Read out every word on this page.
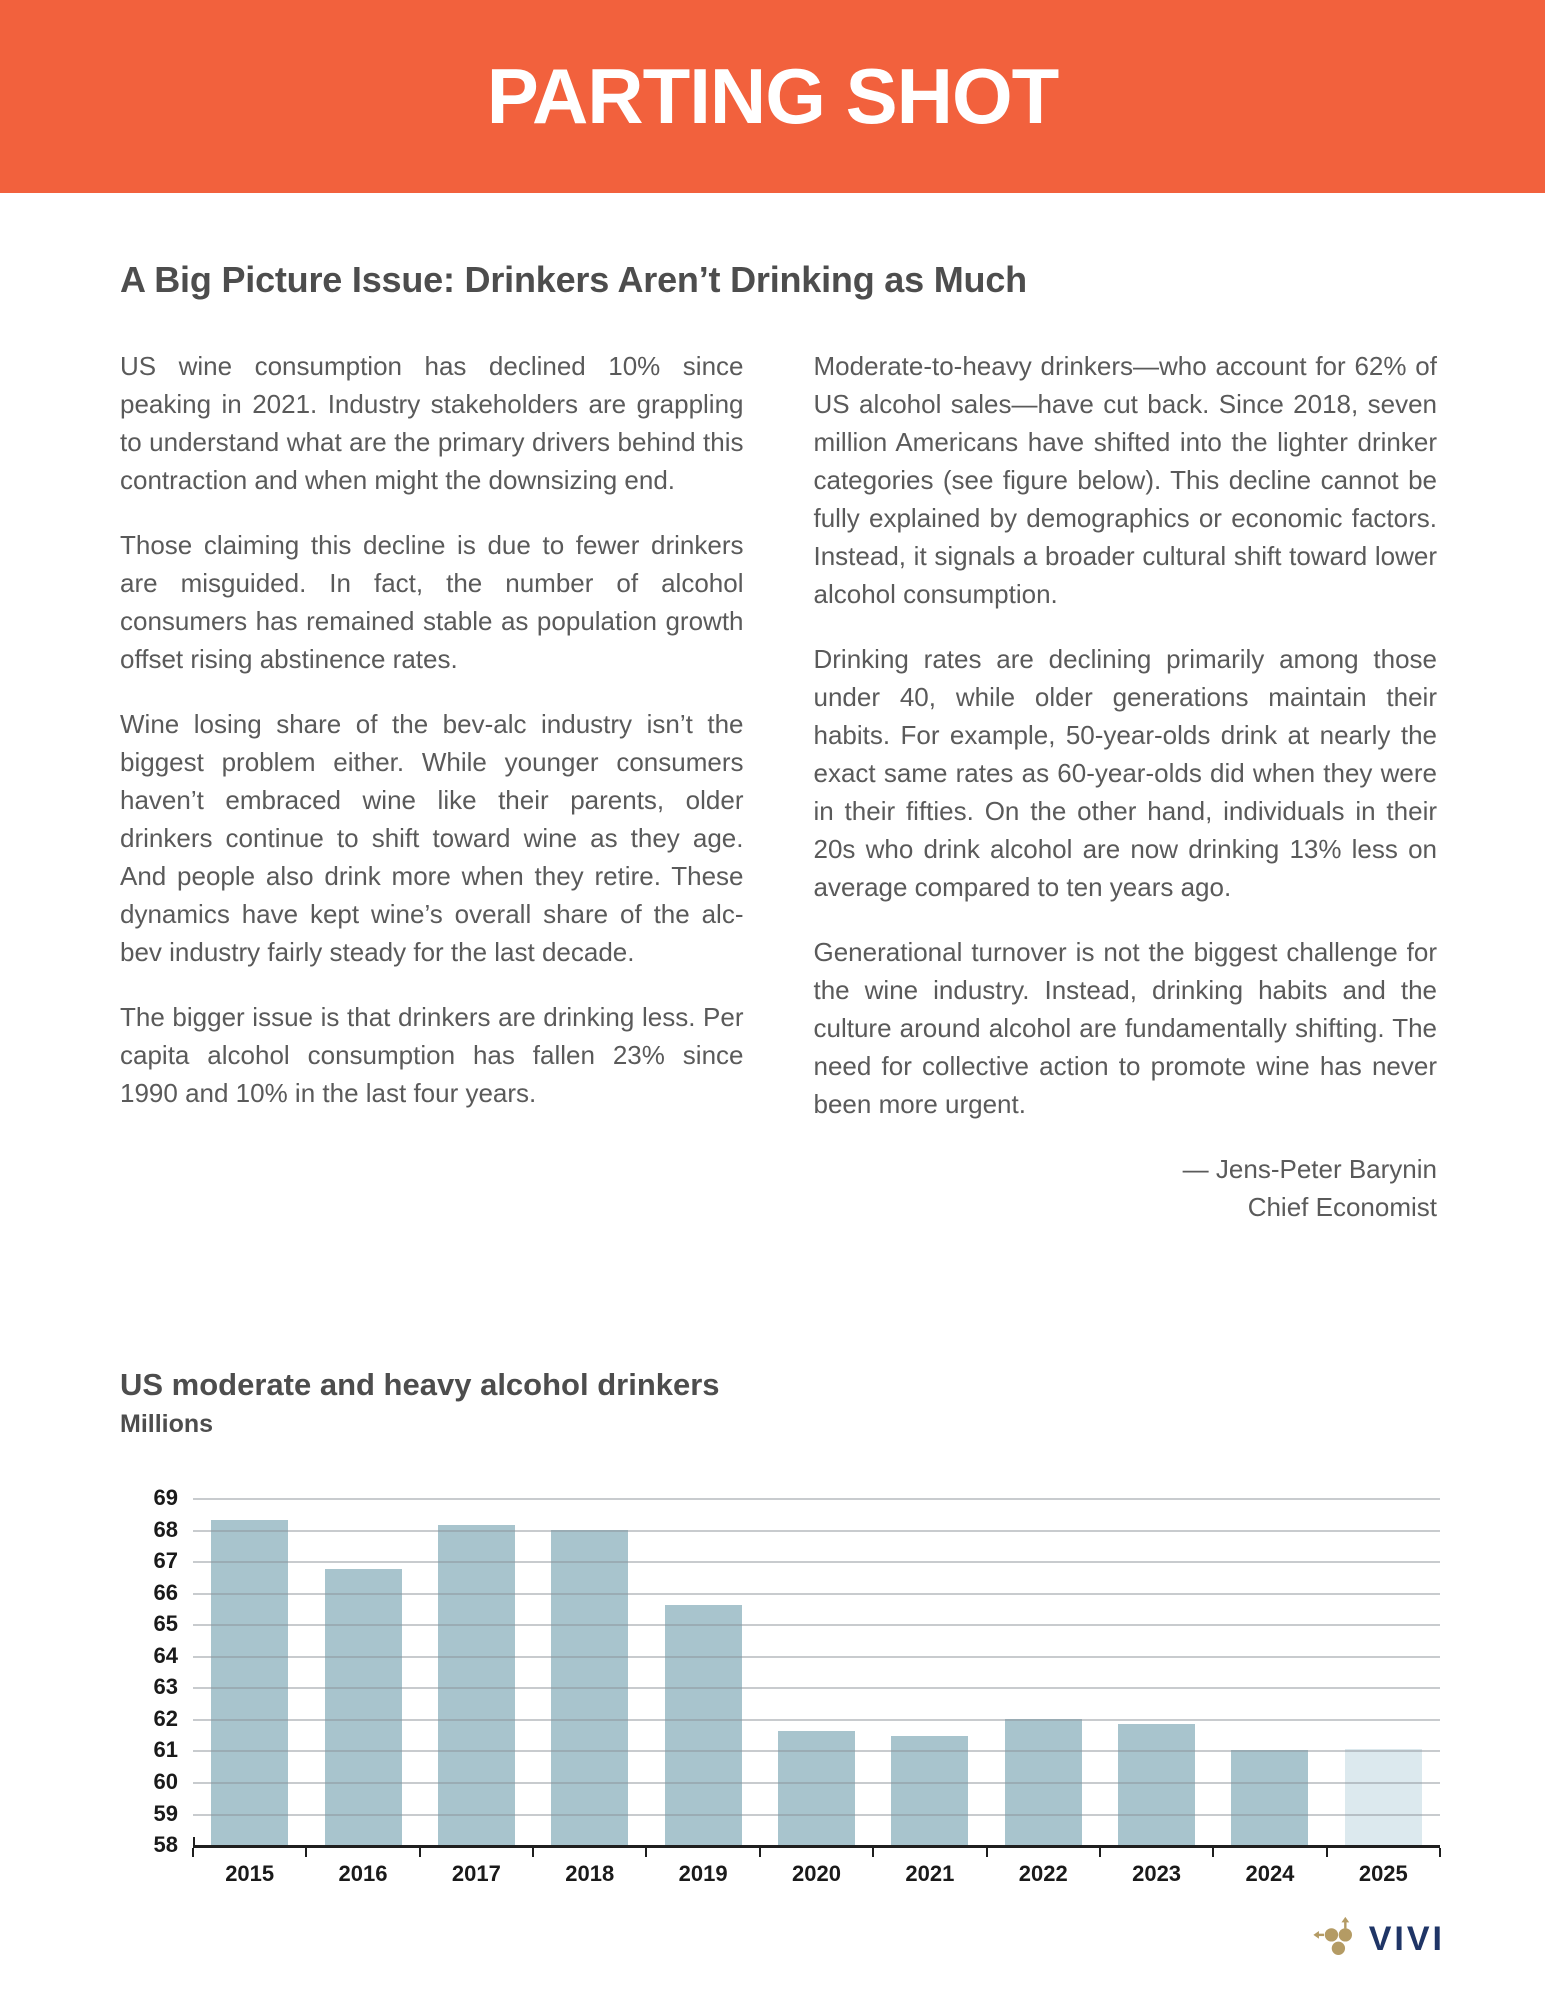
PARTING SHOT
A Big Picture Issue: Drinkers Aren’t Drinking as Much

US wine consumption has declined 10% since peaking in 2021. Industry stakeholders are grappling to understand what are the primary drivers behind this contraction and when might the downsizing end.

Those claiming this decline is due to fewer drinkers are misguided. In fact, the number of alcohol consumers has remained stable as population growth offset rising abstinence rates.

Wine losing share of the bev-alc industry isn’t the biggest problem either. While younger consumers haven’t embraced wine like their parents, older drinkers continue to shift toward wine as they age. And people also drink more when they retire. These dynamics have kept wine’s overall share of the alc-bev industry fairly steady for the last decade.

The bigger issue is that drinkers are drinking less. Per capita alcohol consumption has fallen 23% since 1990 and 10% in the last four years.

Moderate-to-heavy drinkers—who account for 62% of US alcohol sales—have cut back. Since 2018, seven million Americans have shifted into the lighter drinker categories (see figure below). This decline cannot be fully explained by demographics or economic factors. Instead, it signals a broader cultural shift toward lower alcohol consumption.

Drinking rates are declining primarily among those under 40, while older generations maintain their habits. For example, 50-year-olds drink at nearly the exact same rates as 60-year-olds did when they were in their fifties. On the other hand, individuals in their 20s who drink alcohol are now drinking 13% less on average compared to ten years ago.

Generational turnover is not the biggest challenge for the wine industry. Instead, drinking habits and the culture around alcohol are fundamentally shifting. The need for collective action to promote wine has never been more urgent.

— Jens-Peter Barynin
Chief Economist
US moderate and heavy alcohol drinkers
Millions
58
59
60
61
62
63
64
65
66
67
68
69
2015	2016	2017	2018	2019	2020	2021	2022	2023	2024	2025
VIVI
